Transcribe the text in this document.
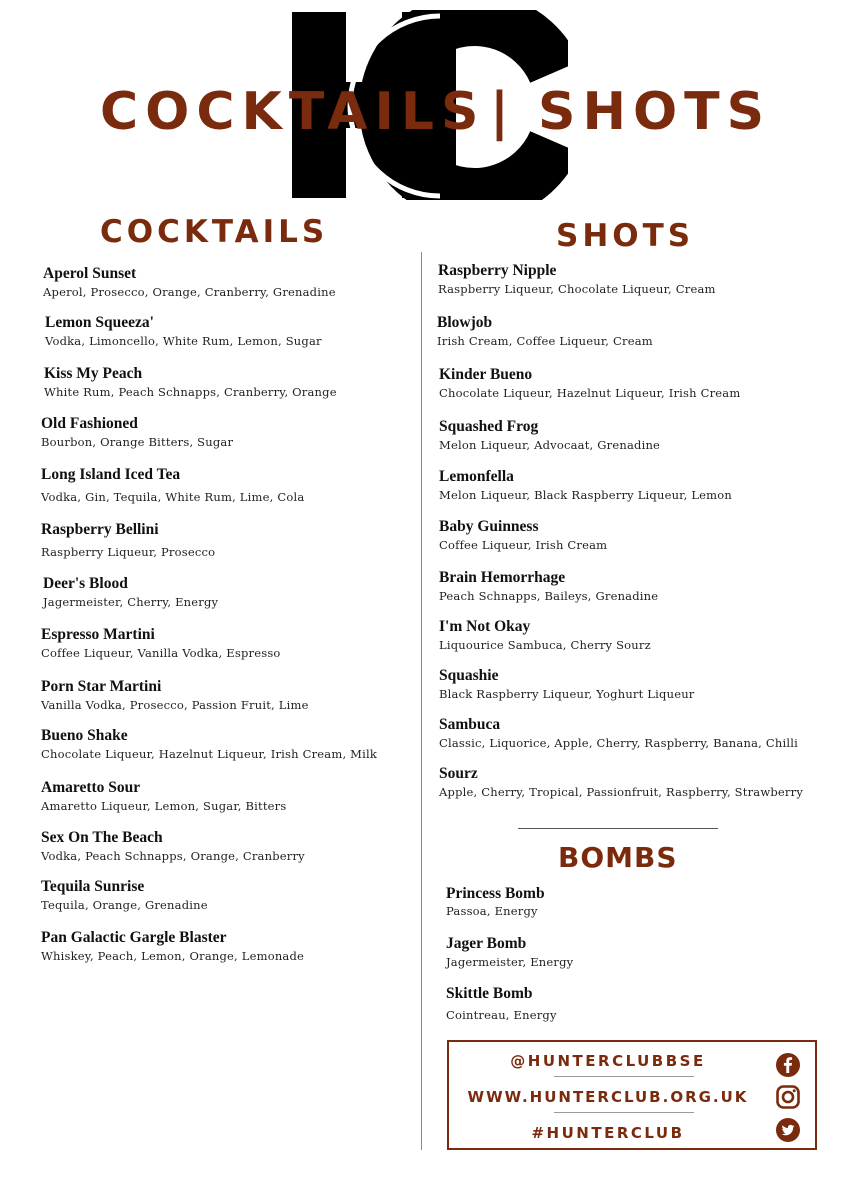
COCKTAILS | SHOTS
COCKTAILS	SHOTS
BOMBS
Aperol Sunset
Aperol, Prosecco, Orange, Cranberry, Grenadine
Lemon Squeeza'
Vodka, Limoncello, White Rum, Lemon, Sugar
Kiss My Peach
White Rum, Peach Schnapps, Cranberry, Orange
Old Fashioned
Bourbon, Orange Bitters, Sugar
Long Island Iced Tea
Vodka, Gin, Tequila, White Rum, Lime, Cola
Raspberry Bellini
Raspberry Liqueur, Prosecco
Deer's Blood
Jagermeister, Cherry, Energy
Espresso Martini
Coffee Liqueur, Vanilla Vodka, Espresso
Porn Star Martini
Vanilla Vodka, Prosecco, Passion Fruit, Lime
Bueno Shake
Chocolate Liqueur, Hazelnut Liqueur, Irish Cream, Milk
Amaretto Sour
Amaretto Liqueur, Lemon, Sugar, Bitters
Sex On The Beach
Vodka, Peach Schnapps, Orange, Cranberry
Tequila Sunrise
Tequila, Orange, Grenadine
Pan Galactic Gargle Blaster
Whiskey, Peach, Lemon, Orange, Lemonade
Raspberry Nipple
Raspberry Liqueur, Chocolate Liqueur, Cream
Blowjob
Irish Cream, Coffee Liqueur, Cream
Kinder Bueno
Chocolate Liqueur, Hazelnut Liqueur, Irish Cream
Squashed Frog
Melon Liqueur, Advocaat, Grenadine
Lemonfella
Melon Liqueur, Black Raspberry Liqueur, Lemon
Baby Guinness
Coffee Liqueur, Irish Cream
Brain Hemorrhage
Peach Schnapps, Baileys, Grenadine
I'm Not Okay
Liquourice Sambuca, Cherry Sourz
Squashie
Black Raspberry Liqueur, Yoghurt Liqueur
Sambuca
Classic, Liquorice, Apple, Cherry, Raspberry, Banana, Chilli
Sourz
Apple, Cherry, Tropical, Passionfruit, Raspberry, Strawberry
Princess Bomb
Passoa, Energy
Jager Bomb
Jagermeister, Energy
Skittle Bomb
Cointreau, Energy
@HUNTERCLUBBSE
WWW.HUNTERCLUB.ORG.UK
#HUNTERCLUB
